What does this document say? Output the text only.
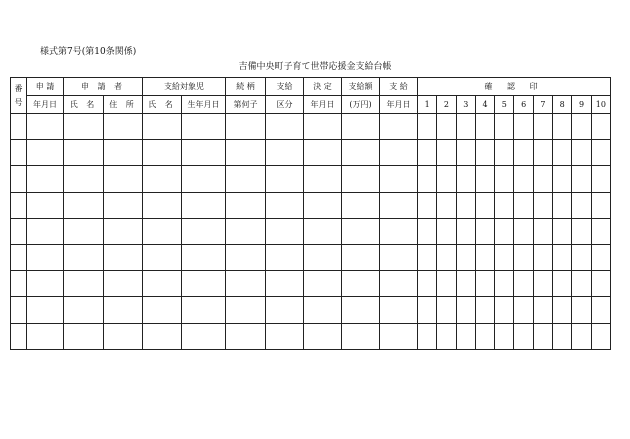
様式第7号(第10条関係)
吉備中央町子育て世帯応援金支給台帳
番
号	申 請	申 請 者		支給対象児		続 柄	支給	決 定	支給額	支 給	確 認 印									
	年月日	氏 名	住 所	氏 名	生年月日	第何子	区分	年月日	(万円)	年月日	1	2	3	4	5	6	7	8	9	10
